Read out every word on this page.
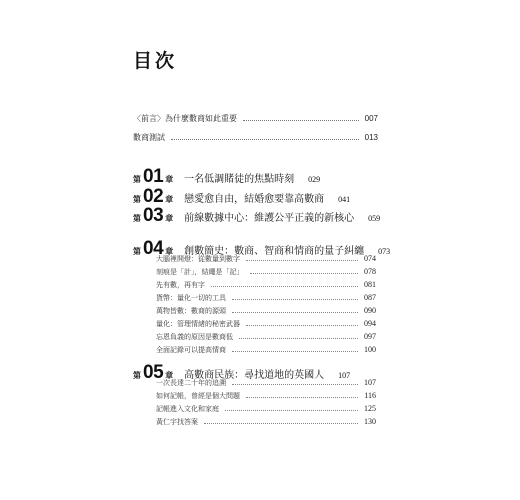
目次
〈前言〉為什麼數商如此重要	007
數商測試	013
第 01 章 一名低調賭徒的焦點時刻 029
第 02 章 戀愛愈自由，結婚愈要靠高數商 041
第 03 章 前線數據中心：維護公平正義的新核心 059
第 04 章 創數簡史：數商、智商和情商的量子糾纏 073
大腦裡開燈：從數量到數字	074
刻痕是「計」，結繩是「記」	078
先有數，再有字	081
貨幣：量化一切的工具	087
萬物皆數：數商的源頭	090
量化：管理情緒的秘密武器	094
忘恩負義的原因是數商低	097
全面記錄可以提高情商	100
第 05 章 高數商民族：尋找道地的英國人 107
一次長達二十年的追溯	107
如何記帳，曾經是個大問題	116
記帳進入文化和家庭	125
黃仁宇找答案	130
